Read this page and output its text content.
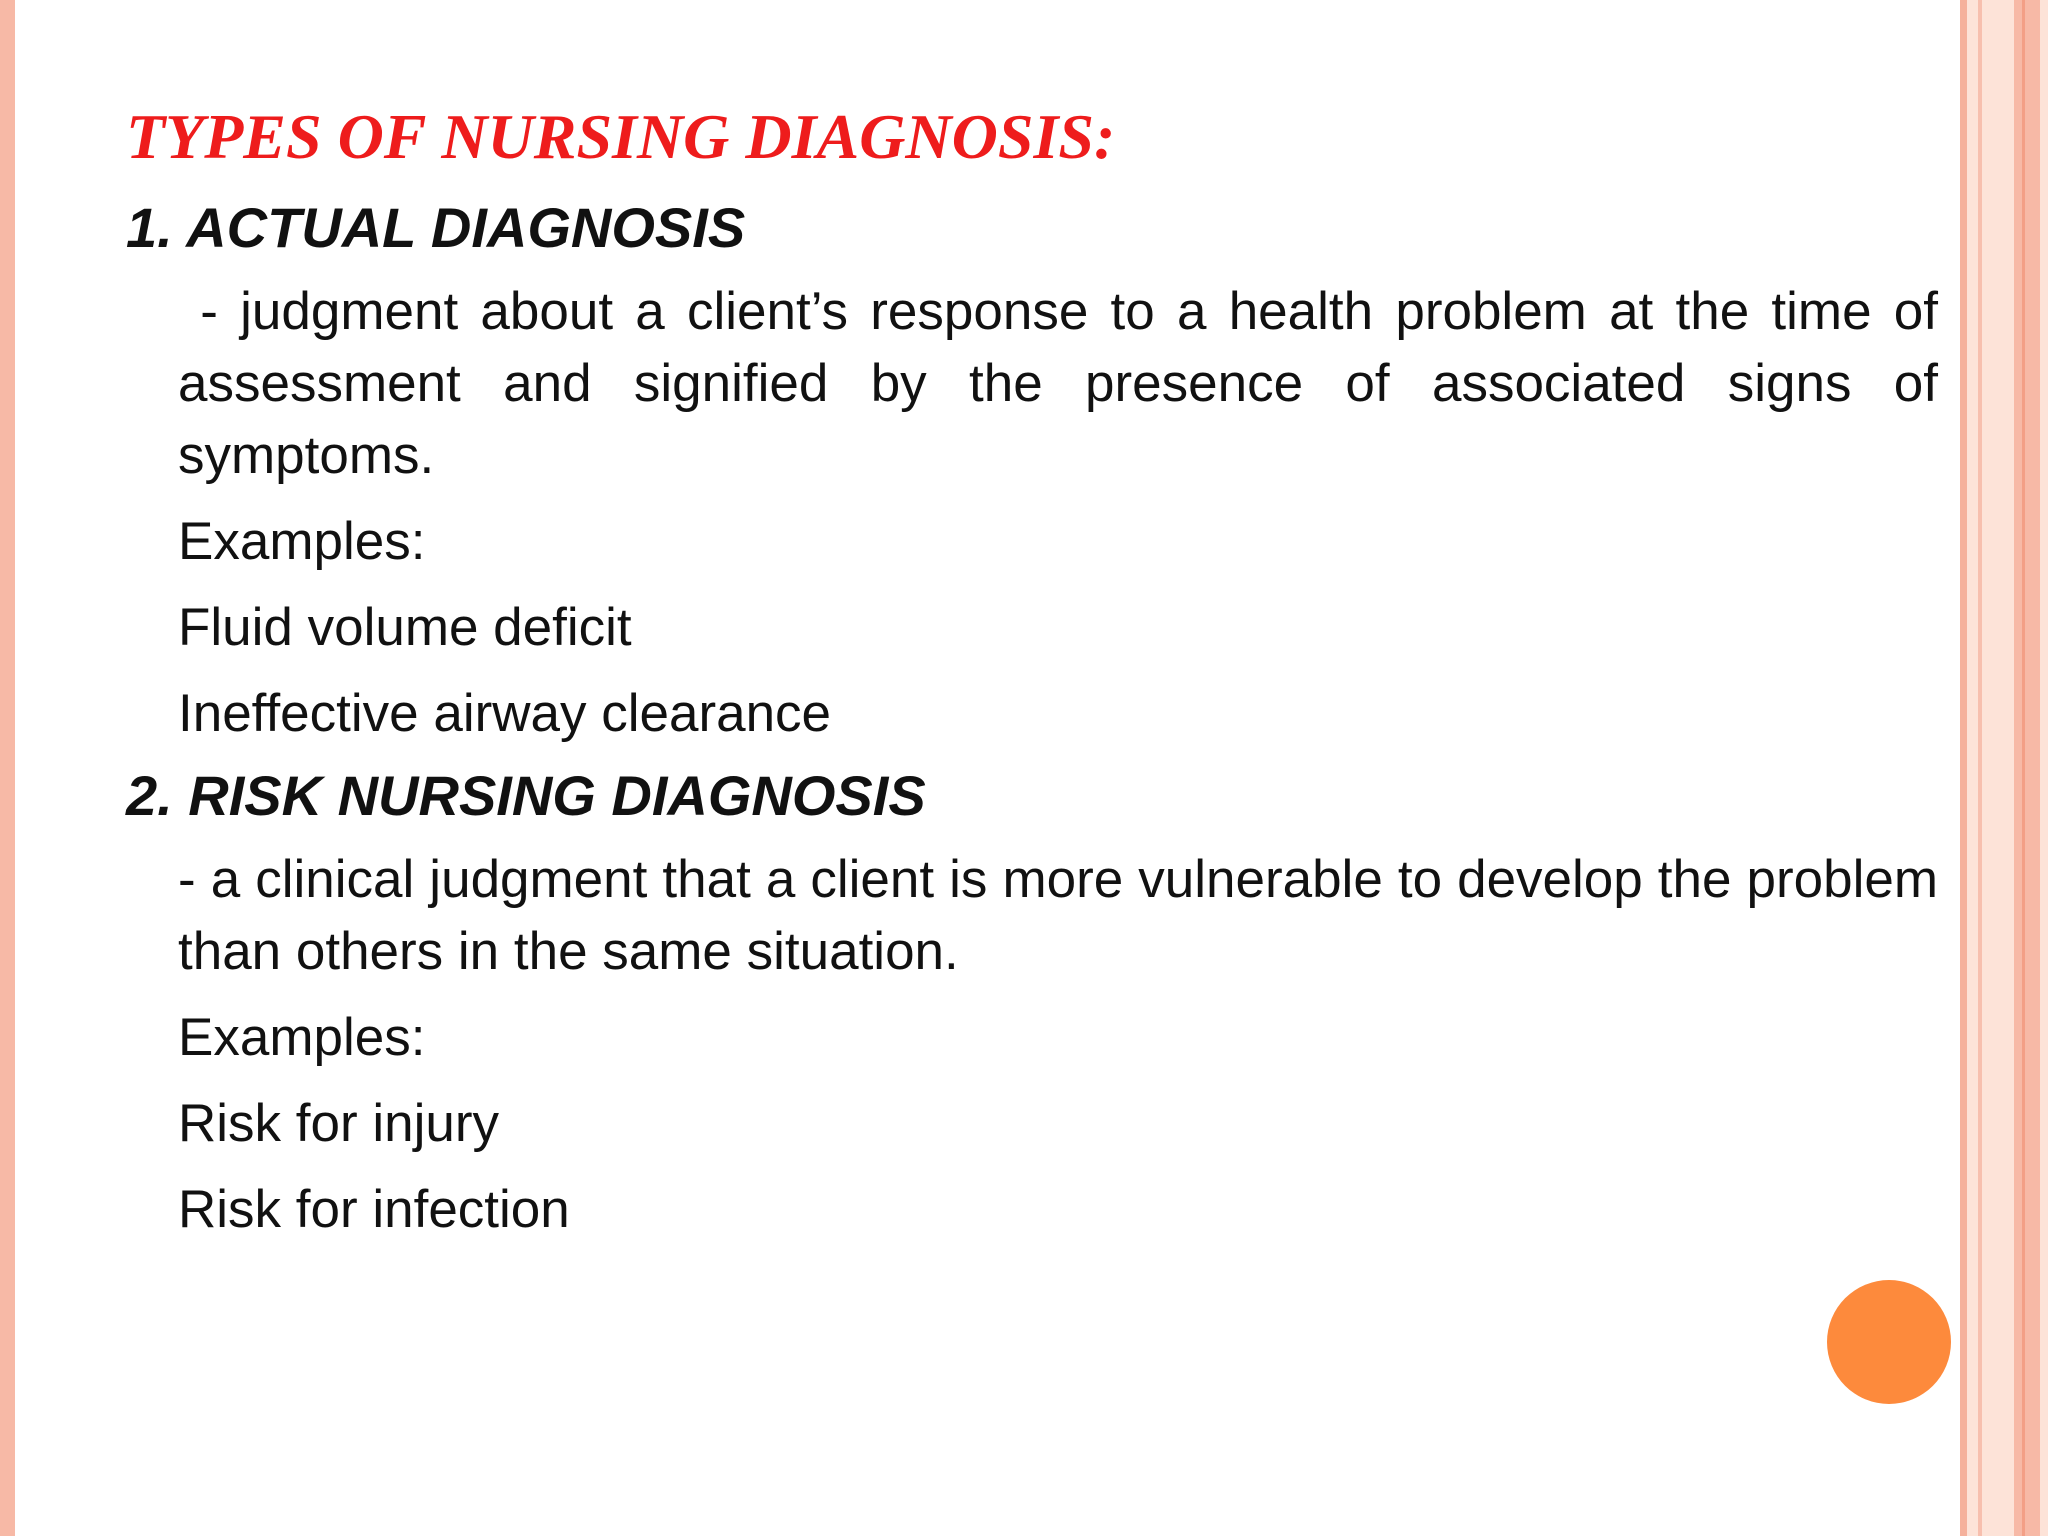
TYPES OF NURSING DIAGNOSIS:
1. ACTUAL DIAGNOSIS
- judgment about a client’s response to a health problem at the time of assessment and signified by the presence of associated signs of symptoms.
Examples:
Fluid volume deficit
Ineffective airway clearance
2. RISK NURSING DIAGNOSIS
- a clinical judgment that a client is more vulnerable to develop the problem than others in the same situation.
Examples:
Risk for injury
Risk for infection
